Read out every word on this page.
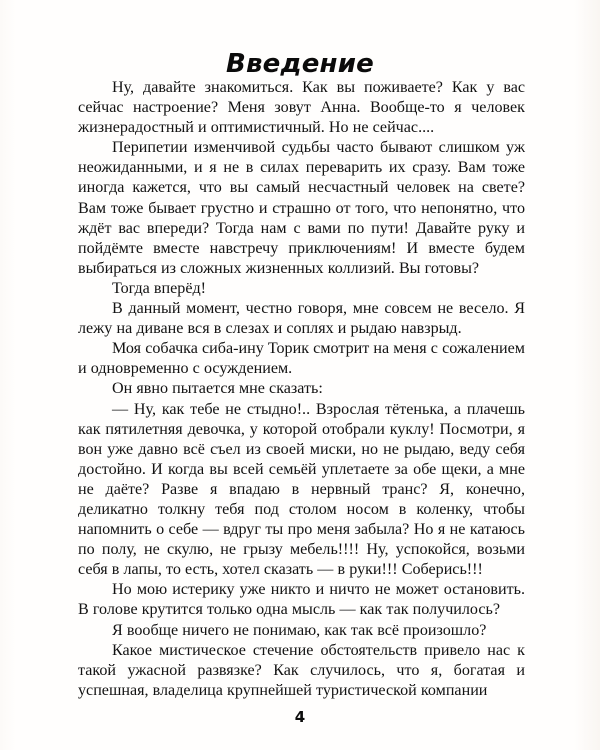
Введение

Ну, давайте знакомиться. Как вы поживаете? Как у вас сейчас настроение? Меня зовут Анна. Вообще-то я человек жизнерадостный и оптимистичный. Но не сейчас....

Перипетии изменчивой судьбы часто бывают слишком уж неожиданными, и я не в силах переварить их сразу. Вам тоже иногда кажется, что вы самый несчастный человек на свете? Вам тоже бывает грустно и страшно от того, что непонятно, что ждёт вас впереди? Тогда нам с вами по пути! Давайте руку и пойдёмте вместе навстречу приключениям! И вместе будем выбираться из сложных жизненных коллизий. Вы готовы?

Тогда вперёд!

В данный момент, честно говоря, мне совсем не весело. Я лежу на диване вся в слезах и соплях и рыдаю навзрыд.

Моя собачка сиба-ину Торик смотрит на меня с сожалением и одновременно с осуждением.

Он явно пытается мне сказать:

— Ну, как тебе не стыдно!.. Взрослая тётенька, а плачешь как пятилетняя девочка, у которой отобрали куклу! Посмотри, я вон уже давно всё съел из своей миски, но не рыдаю, веду себя достойно. И когда вы всей семьёй уплетаете за обе щеки, а мне не даёте? Разве я впадаю в нервный транс? Я, конечно, деликатно толкну тебя под столом носом в коленку, чтобы напомнить о себе — вдруг ты про меня забыла? Но я не катаюсь по полу, не скулю, не грызу мебель!!!! Ну, успокойся, возьми себя в лапы, то есть, хотел сказать — в руки!!! Соберись!!!

Но мою истерику уже никто и ничто не может остановить. В голове крутится только одна мысль — как так получилось?

Я вообще ничего не понимаю, как так всё произошло?

Какое мистическое стечение обстоятельств привело нас к такой ужасной развязке? Как случилось, что я, богатая и успешная, владелица крупнейшей туристической компании

4
